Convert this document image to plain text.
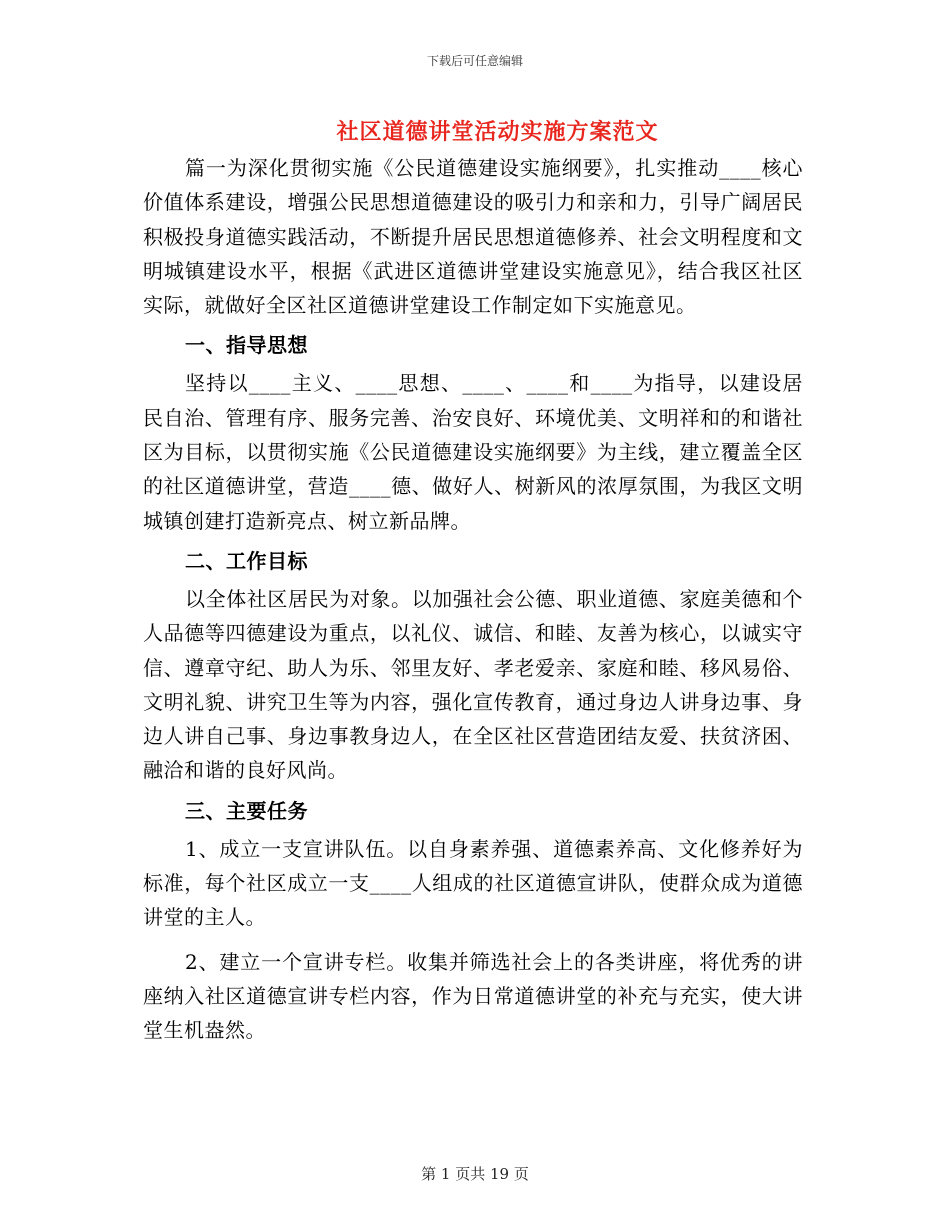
下载后可任意编辑
社区道德讲堂活动实施方案范文

篇一为深化贯彻实施《公民道德建设实施纲要》，扎实推动____核心价值体系建设，增强公民思想道德建设的吸引力和亲和力，引导广阔居民积极投身道德实践活动，不断提升居民思想道德修养、社会文明程度和文明城镇建设水平，根据《武进区道德讲堂建设实施意见》，结合我区社区实际，就做好全区社区道德讲堂建设工作制定如下实施意见。

一、指导思想

坚持以____主义、____思想、____、____和____为指导，以建设居民自治、管理有序、服务完善、治安良好、环境优美、文明祥和的和谐社区为目标，以贯彻实施《公民道德建设实施纲要》为主线，建立覆盖全区的社区道德讲堂，营造____德、做好人、树新风的浓厚氛围，为我区文明城镇创建打造新亮点、树立新品牌。

二、工作目标

以全体社区居民为对象。以加强社会公德、职业道德、家庭美德和个人品德等四德建设为重点，以礼仪、诚信、和睦、友善为核心，以诚实守信、遵章守纪、助人为乐、邻里友好、孝老爱亲、家庭和睦、移风易俗、文明礼貌、讲究卫生等为内容，强化宣传教育，通过身边人讲身边事、身边人讲自己事、身边事教身边人，在全区社区营造团结友爱、扶贫济困、融洽和谐的良好风尚。

三、主要任务

1、成立一支宣讲队伍。以自身素养强、道德素养高、文化修养好为标准，每个社区成立一支____人组成的社区道德宣讲队，使群众成为道德讲堂的主人。

2、建立一个宣讲专栏。收集并筛选社会上的各类讲座，将优秀的讲座纳入社区道德宣讲专栏内容，作为日常道德讲堂的补充与充实，使大讲堂生机盎然。

第 1 页共 19 页
